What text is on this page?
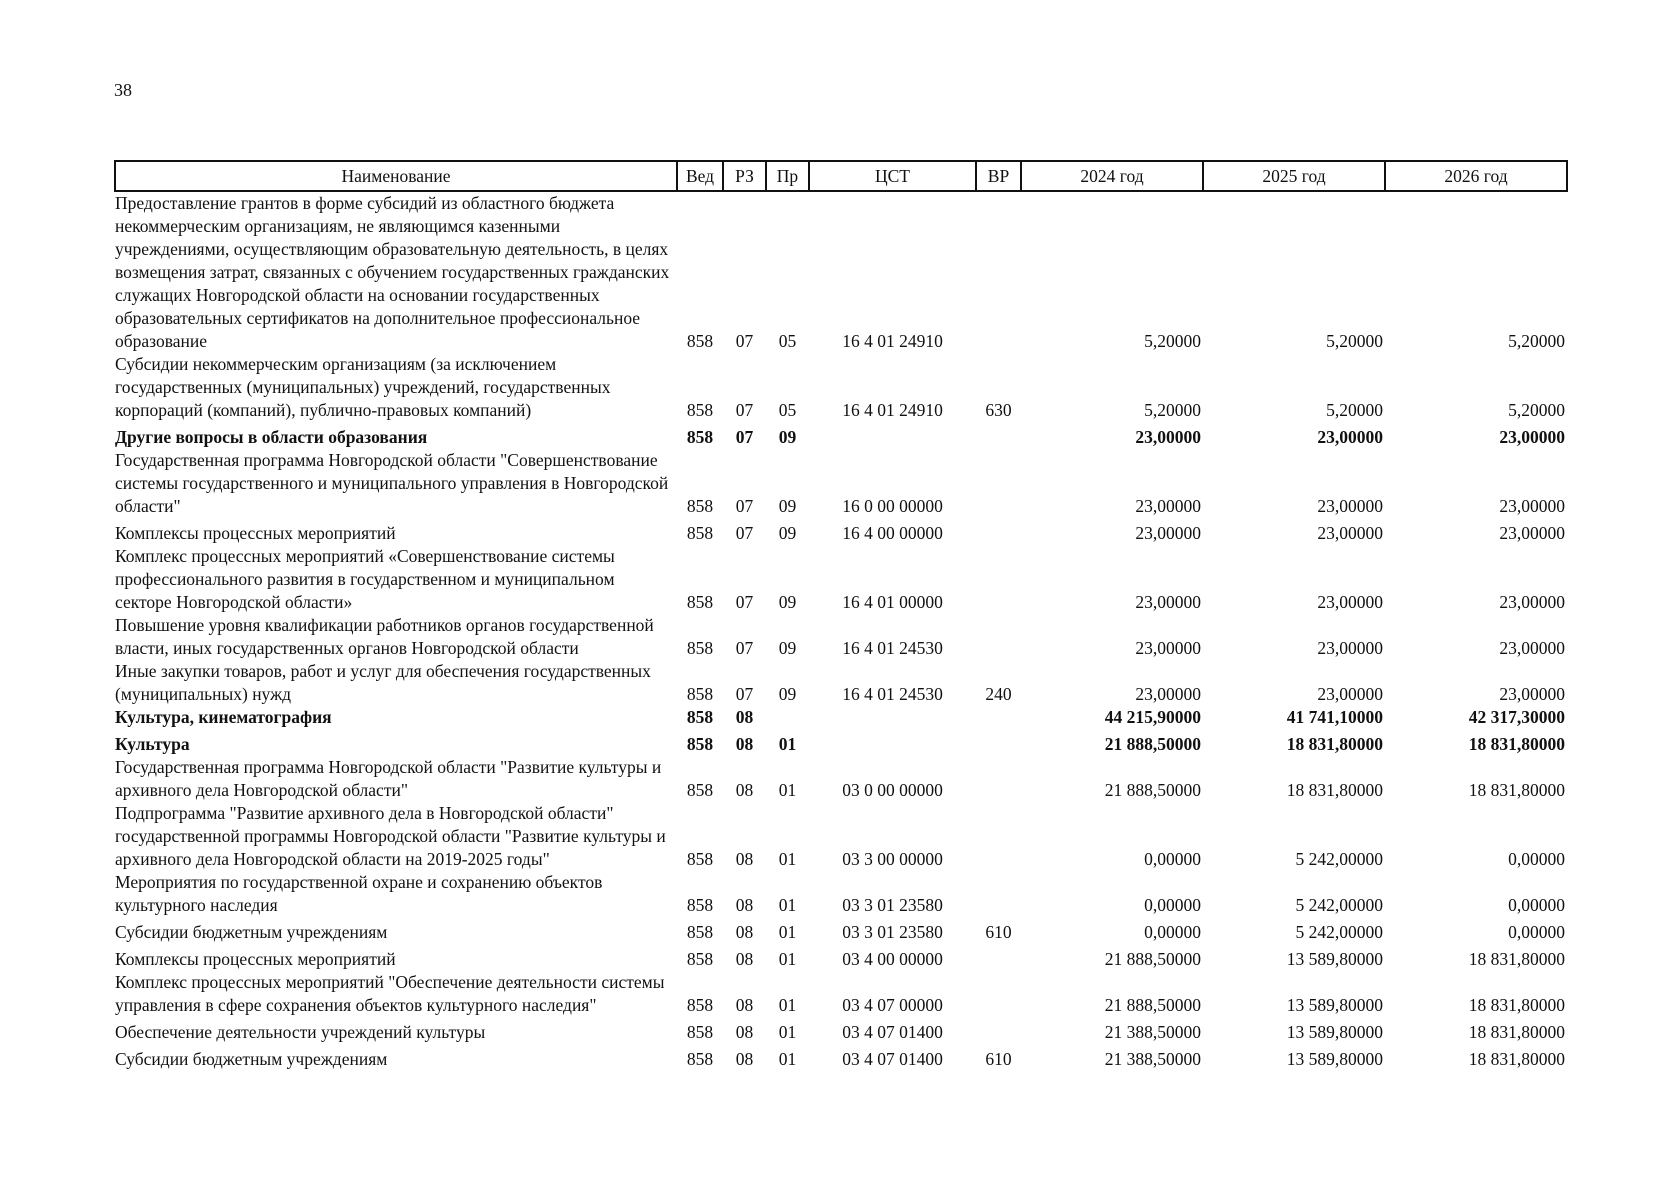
38
Наименование	Вед	РЗ	Пр	ЦСТ	ВР	2024 год	2025 год	2026 год
Предоставление грантов в форме субсидий из областного бюджета некоммерческим организациям, не являющимся казенными учреждениями, осуществляющим образовательную деятельность, в целях возмещения затрат, связанных с обучением государственных гражданских служащих Новгородской области на основании государственных образовательных сертификатов на дополнительное профессиональное образование	858	07	05	16 4 01 24910		5,20000	5,20000	5,20000
Субсидии некоммерческим организациям (за исключением государственных (муниципальных) учреждений, государственных корпораций (компаний), публично-правовых компаний)	858	07	05	16 4 01 24910	630	5,20000	5,20000	5,20000
Другие вопросы в области образования	858	07	09			23,00000	23,00000	23,00000
Государственная программа Новгородской области "Совершенствование системы государственного и муниципального управления в Новгородской области"	858	07	09	16 0 00 00000		23,00000	23,00000	23,00000
Комплексы процессных мероприятий	858	07	09	16 4 00 00000		23,00000	23,00000	23,00000
Комплекс процессных мероприятий «Совершенствование системы профессионального развития в государственном и муниципальном секторе Новгородской области»	858	07	09	16 4 01 00000		23,00000	23,00000	23,00000
Повышение уровня квалификации работников органов государственной власти, иных государственных органов Новгородской области	858	07	09	16 4 01 24530		23,00000	23,00000	23,00000
Иные закупки товаров, работ и услуг для обеспечения государственных (муниципальных) нужд	858	07	09	16 4 01 24530	240	23,00000	23,00000	23,00000
Культура, кинематография	858	08				44 215,90000	41 741,10000	42 317,30000
Культура	858	08	01			21 888,50000	18 831,80000	18 831,80000
Государственная программа Новгородской области "Развитие культуры и архивного дела Новгородской области"	858	08	01	03 0 00 00000		21 888,50000	18 831,80000	18 831,80000
Подпрограмма "Развитие архивного дела в Новгородской области" государственной программы Новгородской области "Развитие культуры и архивного дела Новгородской области на 2019-2025 годы"	858	08	01	03 3 00 00000		0,00000	5 242,00000	0,00000
Мероприятия по государственной охране и сохранению объектов культурного наследия	858	08	01	03 3 01 23580		0,00000	5 242,00000	0,00000
Субсидии бюджетным учреждениям	858	08	01	03 3 01 23580	610	0,00000	5 242,00000	0,00000
Комплексы процессных мероприятий	858	08	01	03 4 00 00000		21 888,50000	13 589,80000	18 831,80000
Комплекс процессных мероприятий "Обеспечение деятельности системы управления в сфере сохранения объектов культурного наследия"	858	08	01	03 4 07 00000		21 888,50000	13 589,80000	18 831,80000
Обеспечение деятельности учреждений культуры	858	08	01	03 4 07 01400		21 388,50000	13 589,80000	18 831,80000
Субсидии бюджетным учреждениям	858	08	01	03 4 07 01400	610	21 388,50000	13 589,80000	18 831,80000
